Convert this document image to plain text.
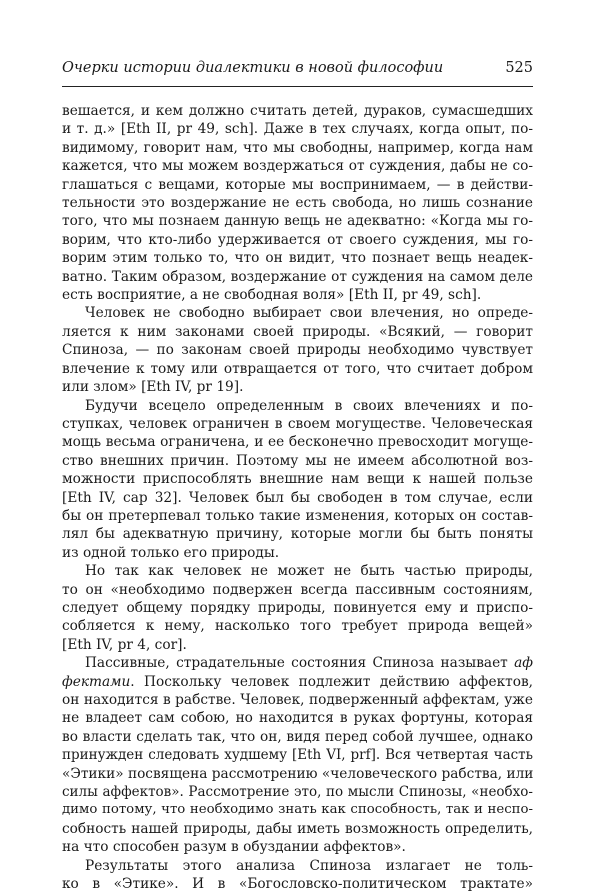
Очерки истории диалектики в новой философии	525
вешается, и кем должно считать детей, дураков, сумасшедших
и т. д.» [Eth II, pr 49, sch]. Даже в тех случаях, когда опыт, по-
видимому, говорит нам, что мы свободны, например, когда нам
кажется, что мы можем воздержаться от суждения, дабы не со-
глашаться с вещами, которые мы воспринимаем, — в действи-
тельности это воздержание не есть свобода, но лишь сознание
того, что мы познаем данную вещь не адекватно: «Когда мы го-
ворим, что кто-либо удерживается от своего суждения, мы го-
ворим этим только то, что он видит, что познает вещь неадек-
ватно. Таким образом, воздержание от суждения на самом деле
есть восприятие, а не свободная воля» [Eth II, pr 49, sch].
Человек не свободно выбирает свои влечения, но опреде-
ляется к ним законами своей природы. «Всякий, — говорит
Спиноза, — по законам своей природы необходимо чувствует
влечение к тому или отвращается от того, что считает добром
или злом» [Eth IV, pr 19].
Будучи всецело определенным в своих влечениях и по-
ступках, человек ограничен в своем могуществе. Человеческая
мощь весьма ограничена, и ее бесконечно превосходит могуще-
ство внешних причин. Поэтому мы не имеем абсолютной воз-
можности приспособлять внешние нам вещи к нашей пользе
[Eth IV, cap 32]. Человек был бы свободен в том случае, если
бы он претерпевал только такие изменения, которых он состав-
лял бы адекватную причину, которые могли бы быть поняты
из одной только его природы.
Но так как человек не может не быть частью природы,
то он «необходимо подвержен всегда пассивным состояниям,
следует общему порядку природы, повинуется ему и приспо-
собляется к нему, насколько того требует природа вещей»
[Eth IV, pr 4, cor].
Пассивные, страдательные состояния Спиноза называет аф
фектами. Поскольку человек подлежит действию аффектов,
он находится в рабстве. Человек, подверженный аффектам, уже
не владеет сам собою, но находится в руках фортуны, которая
во власти сделать так, что он, видя перед собой лучшее, однако
принужден следовать худшему [Eth VI, prf]. Вся четвертая часть
«Этики» посвящена рассмотрению «человеческого рабства, или
силы аффектов». Рассмотрение это, по мысли Спинозы, «необхо-
димо потому, что необходимо знать как способность, так и неспо-
собность нашей природы, дабы иметь возможность определить,
на что способен разум в обуздании аффектов».
Результаты этого анализа Спиноза излагает не толь-
ко в «Этике». И в «Богословско-политическом трактате»
